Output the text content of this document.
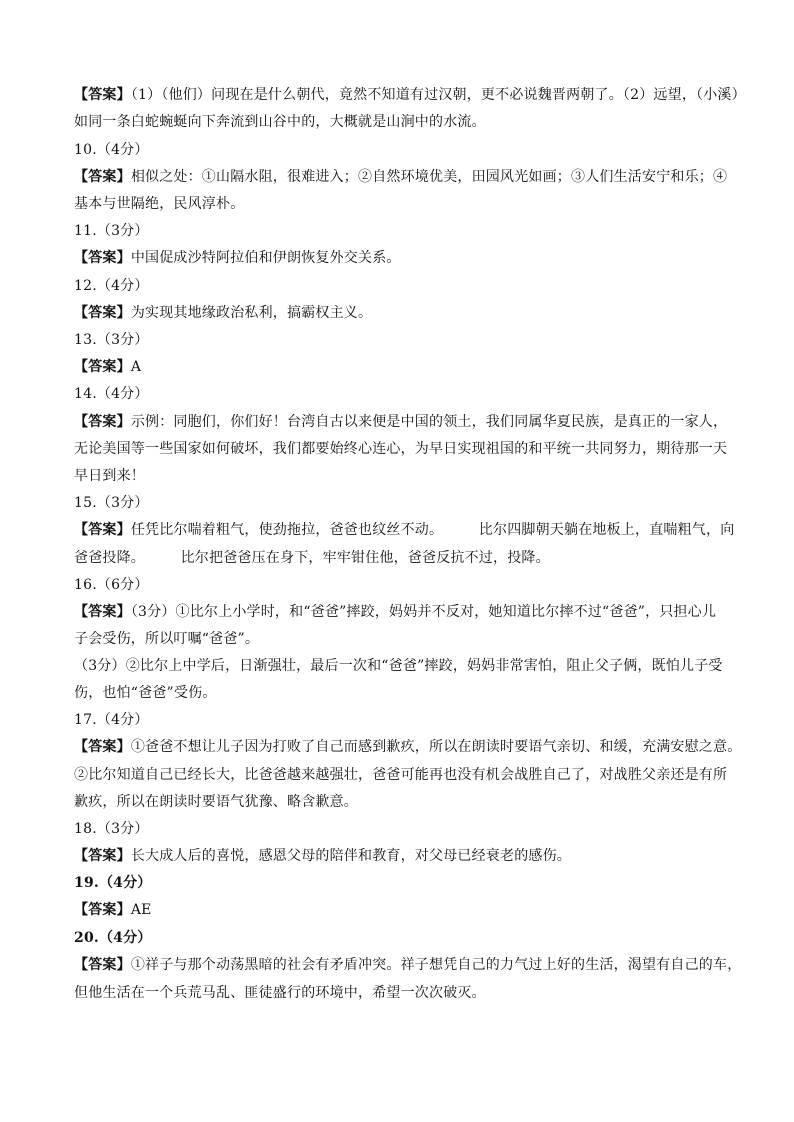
【答案】（1）（他们）问现在是什么朝代，竟然不知道有过汉朝，更不必说魏晋两朝了。（2）远望，（小溪）
如同一条白蛇蜿蜒向下奔流到山谷中的，大概就是山涧中的水流。
10.（4分）
【答案】相似之处：①山隔水阻，很难进入；②自然环境优美，田园风光如画；③人们生活安宁和乐；④
基本与世隔绝，民风淳朴。
11.（3分）
【答案】中国促成沙特阿拉伯和伊朗恢复外交关系。
12.（4分）
【答案】为实现其地缘政治私利，搞霸权主义。
13.（3分）
【答案】A
14.（4分）
【答案】示例：同胞们，你们好！台湾自古以来便是中国的领土，我们同属华夏民族，是真正的一家人，
无论美国等一些国家如何破坏，我们都要始终心连心，为早日实现祖国的和平统一共同努力，期待那一天
早日到来！
15.（3分）
【答案】任凭比尔喘着粗气，使劲拖拉，爸爸也纹丝不动。　　　比尔四脚朝天躺在地板上，直喘粗气，向
爸爸投降。　　　比尔把爸爸压在身下，牢牢钳住他，爸爸反抗不过，投降。
16.（6分）
【答案】（3分）①比尔上小学时，和“爸爸”摔跤，妈妈并不反对，她知道比尔摔不过“爸爸”，只担心儿
子会受伤，所以叮嘱“爸爸”。
（3分）②比尔上中学后，日渐强壮，最后一次和“爸爸”摔跤，妈妈非常害怕，阻止父子俩，既怕儿子受
伤，也怕“爸爸”受伤。
17.（4分）
【答案】①爸爸不想让儿子因为打败了自己而感到歉疚，所以在朗读时要语气亲切、和缓，充满安慰之意。
②比尔知道自己已经长大，比爸爸越来越强壮，爸爸可能再也没有机会战胜自己了，对战胜父亲还是有所
歉疚，所以在朗读时要语气犹豫、略含歉意。
18.（3分）
【答案】长大成人后的喜悦，感恩父母的陪伴和教育，对父母已经衰老的感伤。
19.（4分）
【答案】AE
20.（4分）
【答案】①祥子与那个动荡黑暗的社会有矛盾冲突。祥子想凭自己的力气过上好的生活，渴望有自己的车，
但他生活在一个兵荒马乱、匪徒盛行的环境中，希望一次次破灭。
